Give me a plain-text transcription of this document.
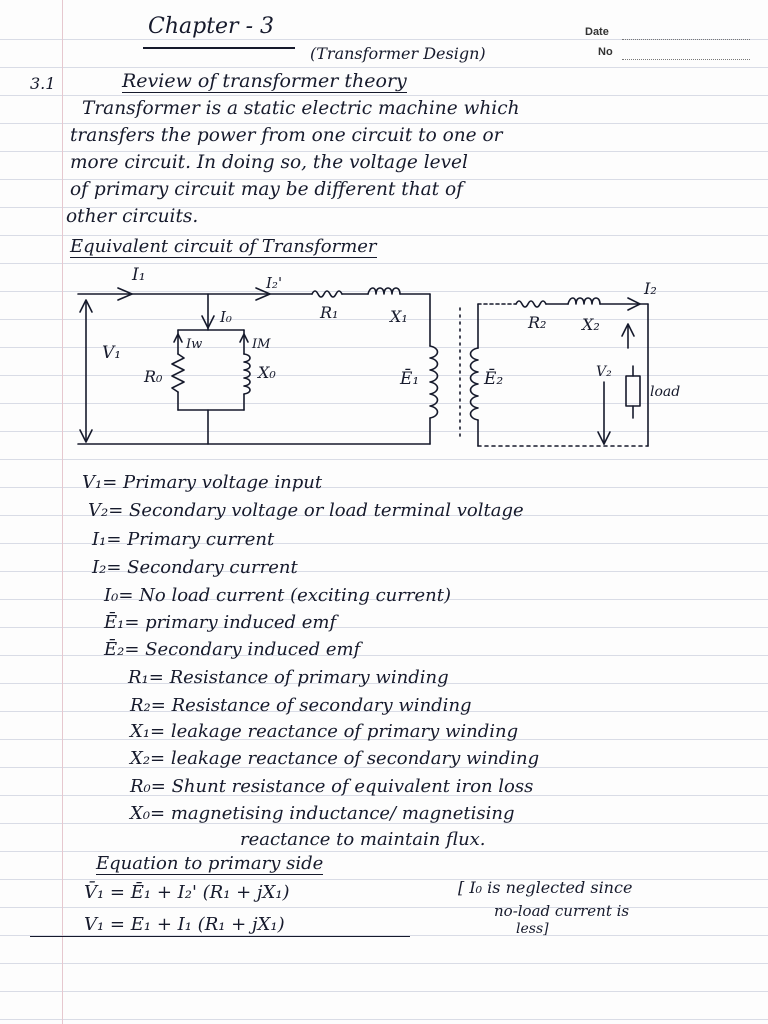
Chapter - 3	Date
No
(Transformer Design)
3.1	Review of transformer theory
Transformer is a static electric machine which
transfers the power from one circuit to one or
more circuit. In doing so, the voltage level
of primary circuit may be different that of
other circuits.
Equivalent circuit of Transformer
I₁	I₂'
I₀
Iw	IM
V₁
R₀	X₀
R₁	X₁
Ē₁	Ē₂
R₂ X₂
I₂
V₂
load
V₁= Primary voltage input
V₂= Secondary voltage or load terminal voltage
I₁= Primary current
I₂= Secondary current
I₀= No load current (exciting current)
Ē₁= primary induced emf
Ē₂= Secondary induced emf
R₁= Resistance of primary winding
R₂= Resistance of secondary winding
X₁= leakage reactance of primary winding
X₂= leakage reactance of secondary winding
R₀= Shunt resistance of equivalent iron loss
X₀= magnetising inductance/ magnetising
reactance to maintain flux.
Equation to primary side
V̄₁ = Ē₁ + I₂' (R₁ + jX₁)
V₁ = E₁ + I₁ (R₁ + jX₁)
[ I₀ is neglected since
no-load current is
less]
